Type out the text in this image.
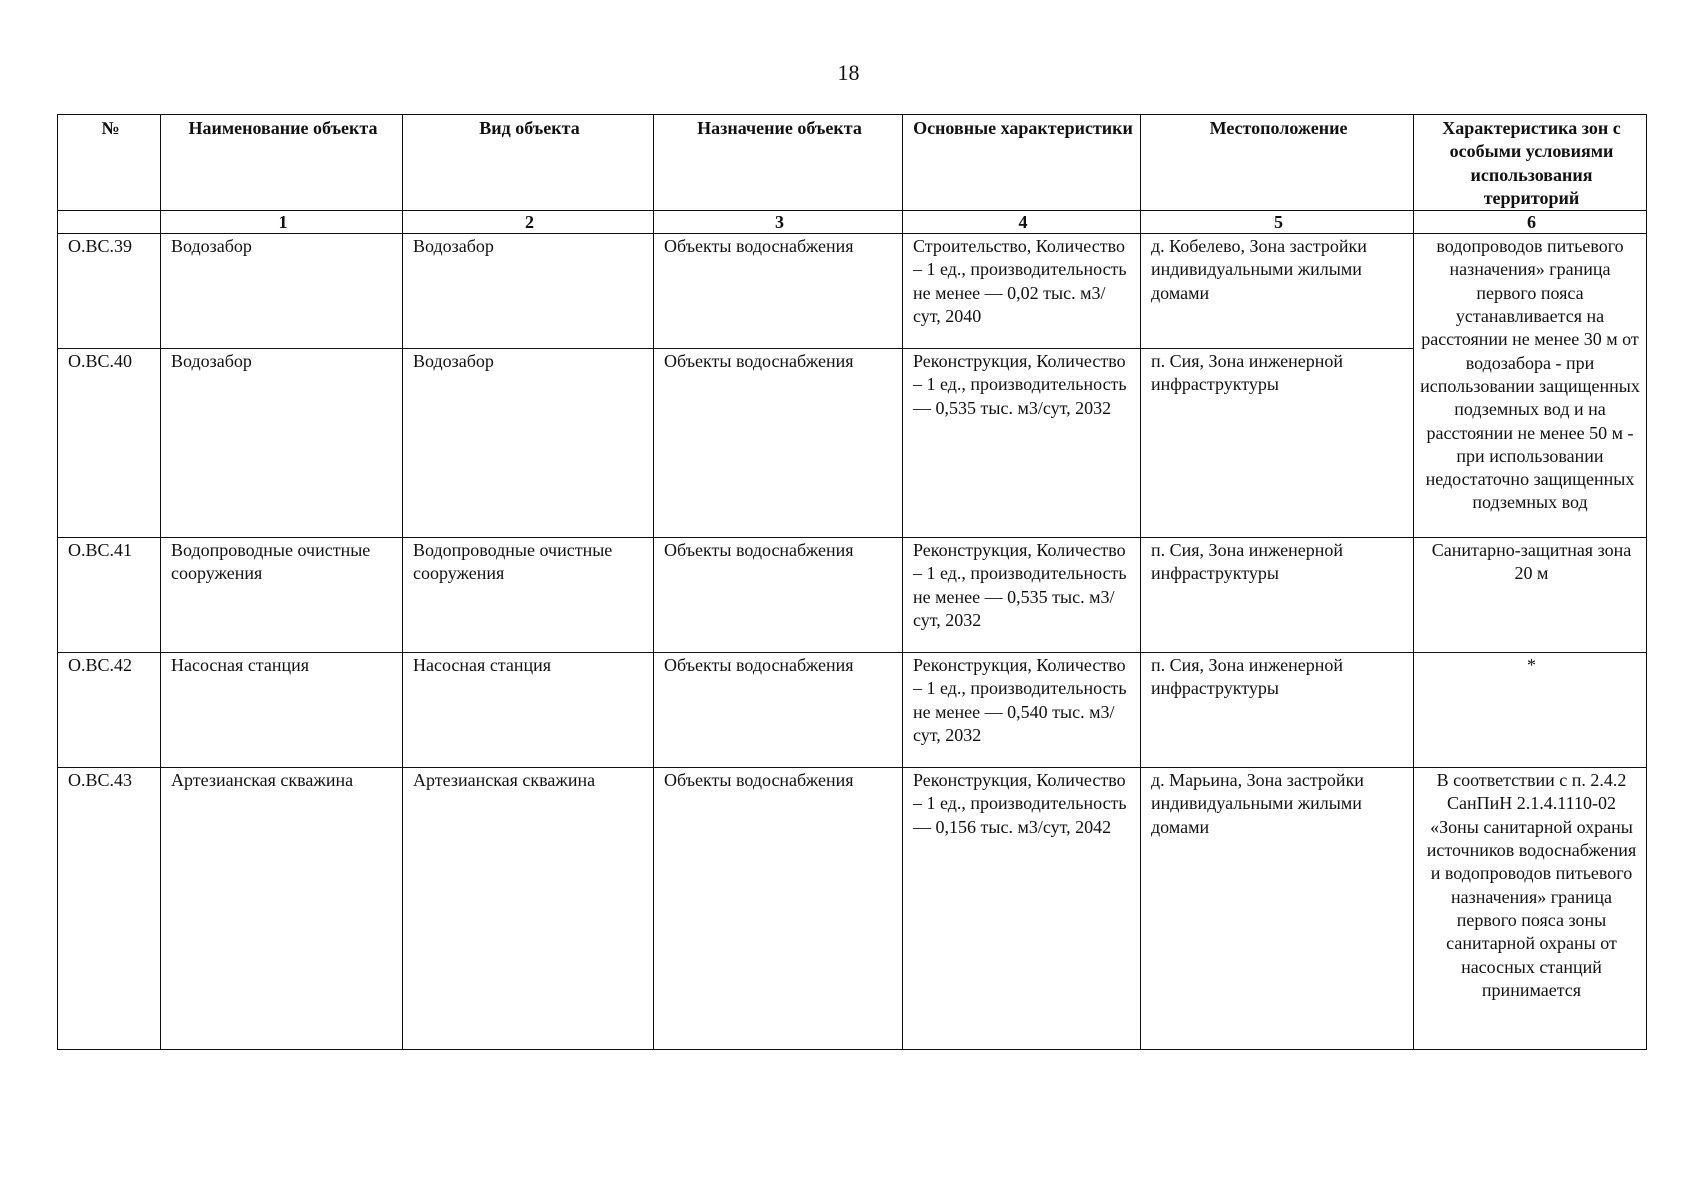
18
№	Наименование объекта	Вид объекта	Назначение объекта	Основные характеристики	Местоположение	Характеристика зон с особыми условиями использования территорий
	1	2	3	4	5	6
О.ВС.39	Водозабор	Водозабор	Объекты водоснабжения	Строительство, Количество – 1 ед., производительность не менее — 0,02 тыс. м3/сут, 2040	д. Кобелево, Зона застройки индивидуальными жилыми домами	водопроводов питьевого назначения» граница первого пояса устанавливается на расстоянии не менее 30 м от водозабора - при использовании защищенных подземных вод и на расстоянии не менее 50 м - при использовании недостаточно защищенных подземных вод

О.ВС.40	Водозабор	Водозабор	Объекты водоснабжения	Реконструкция, Количество – 1 ед., производительность — 0,535 тыс. м3/сут, 2032	п. Сия, Зона инженерной инфраструктуры	
О.ВС.41	Водопроводные очистные сооружения	Водопроводные очистные сооружения	Объекты водоснабжения	Реконструкция, Количество – 1 ед., производительность не менее — 0,535 тыс. м3/сут, 2032	п. Сия, Зона инженерной инфраструктуры	Санитарно-защитная зона 20 м
О.ВС.42	Насосная станция	Насосная станция	Объекты водоснабжения	Реконструкция, Количество – 1 ед., производительность не менее — 0,540 тыс. м3/сут, 2032	п. Сия, Зона инженерной инфраструктуры	*
О.ВС.43	Артезианская скважина	Артезианская скважина	Объекты водоснабжения	Реконструкция, Количество – 1 ед., производительность — 0,156 тыс. м3/сут, 2042	д. Марьина, Зона застройки индивидуальными жилыми домами	В соответствии с п. 2.4.2 СанПиН 2.1.4.1110-02 «Зоны санитарной охраны источников водоснабжения и водопроводов питьевого назначения» граница первого пояса зоны санитарной охраны от насосных станций принимается
